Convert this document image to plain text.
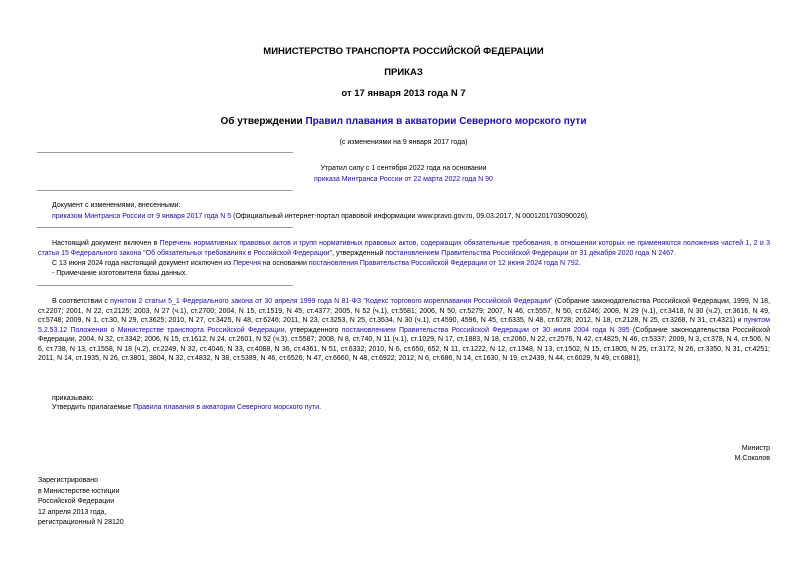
МИНИСТЕРСТВО ТРАНСПОРТА РОССИЙСКОЙ ФЕДЕРАЦИИ
ПРИКАЗ
от 17 января 2013 года N 7
Об утверждении Правил плавания в акватории Северного морского пути
(с изменениями на 9 января 2017 года)
Утратил силу с 1 сентября 2022 года на основании
приказа Минтранса России от 22 марта 2022 года N 90
Документ с изменениями, внесенными:
приказом Минтранса России от 9 января 2017 года N 5 (Официальный интернет-портал правовой информации www.pravo.gov.ru, 09.03.2017, N 0001201703090026).
Настоящий документ включен в Перечень нормативных правовых актов и групп нормативных правовых актов, содержащих обязательные требования, в отношении которых не применяются положения частей 1, 2 и 3 статьи 15 Федерального закона "Об обязательных требованиях в Российской Федерации", утвержденный постановлением Правительства Российской Федерации от 31 декабря 2020 года N 2467.
С 13 июня 2024 года настоящий документ исключен из Перечня на основании постановления Правительства Российской Федерации от 12 июня 2024 года N 792.
- Примечание изготовителя базы данных.
В соответствии с пунктом 2 статьи 5_1 Федерального закона от 30 апреля 1999 года N 81-ФЗ "Кодекс торгового мореплавания Российской Федерации" (Собрание законодательства Российской Федерации, 1999, N 18, ст.2207; 2001, N 22, ст.2125; 2003, N 27 (ч.1), ст.2700; 2004, N 15, ст.1519, N 45, ст.4377; 2005, N 52 (ч.1), ст.5581; 2006, N 50, ст.5279; 2007, N 46, ст.5557, N 50, ст.6246; 2008, N 29 (ч.1), ст.3418, N 30 (ч.2), ст.3616, N 49, ст.5748; 2009, N 1, ст.30, N 29, ст.3625; 2010, N 27, ст.3425, N 48, ст.6246; 2011, N 23, ст.3253, N 25, ст.3534, N 30 (ч.1), ст.4590, 4596, N 45, ст.6335, N 48, ст.6728; 2012, N 18, ст.2128, N 25, ст.3268, N 31, ст.4321) и пунктом 5.2.53.12 Положения о Министерстве транспорта Российской Федерации, утвержденного постановлением Правительства Российской Федерации от 30 июля 2004 года N 395 (Собрание законодательства Российской Федерации, 2004, N 32, ст.3342; 2006, N 15, ст.1612, N 24, ст.2601, N 52 (ч.3), ст.5587; 2008, N 8, ст.740, N 11 (ч.1), ст.1029, N 17, ст.1883, N 18, ст.2060, N 22, ст.2576, N 42, ст.4825, N 46, ст.5337; 2009, N 3, ст.378, N 4, ст.506, N 6, ст.738, N 13, ст.1558, N 18 (ч.2), ст.2249, N 32, ст.4046, N 33, ст.4088, N 36, ст.4361, N 51, ст.6332; 2010, N 6, ст.650, 652, N 11, ст.1222, N 12, ст.1348, N 13, ст.1502, N 15, ст.1805, N 25, ст.3172, N 26, ст.3350, N 31, ст.4251; 2011, N 14, ст.1935, N 26, ст.3801, 3804, N 32, ст.4832, N 38, ст.5389, N 46, ст.6526, N 47, ст.6660, N 48, ст.6922; 2012, N 6, ст.686, N 14, ст.1630, N 19, ст.2439, N 44, ст.6029, N 49, ст.6881),
приказываю:
Утвердить прилагаемые Правила плавания в акватории Северного морского пути.
Министр
М.Соколов
Зарегистрировано
в Министерстве юстиции
Российской Федерации
12 апреля 2013 года,
регистрационный N 28120
